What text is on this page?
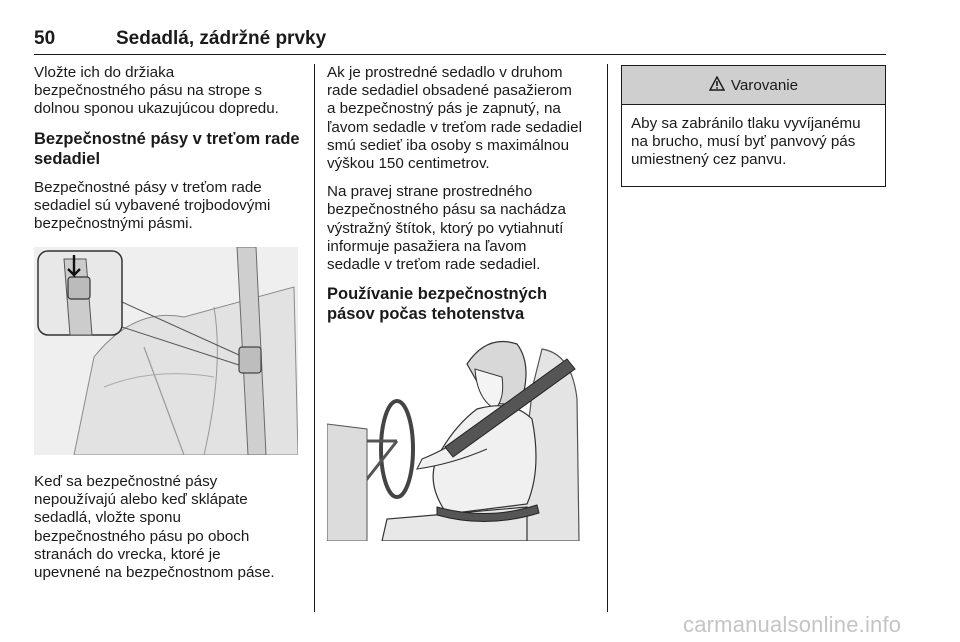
50	Sedadlá, zádržné prvky

Vložte ich do držiaka
bezpečnostného pásu na strope s
dolnou sponou ukazujúcou dopredu.

Bezpečnostné pásy v treťom rade sedadiel

Bezpečnostné pásy v treťom rade
sedadiel sú vybavené trojbodovými
bezpečnostnými pásmi.

Keď sa bezpečnostné pásy
nepoužívajú alebo keď sklápate
sedadlá, vložte sponu
bezpečnostného pásu po oboch
stranách do vrecka, ktoré je
upevnené na bezpečnostnom páse.

Ak je prostredné sedadlo v druhom
rade sedadiel obsadené pasažierom
a bezpečnostný pás je zapnutý, na
ľavom sedadle v treťom rade sedadiel
smú sedieť iba osoby s maximálnou
výškou 150 centimetrov.

Na pravej strane prostredného
bezpečnostného pásu sa nachádza
výstražný štítok, ktorý po vytiahnutí
informuje pasažiera na ľavom
sedadle v treťom rade sedadiel.

Používanie bezpečnostných
pásov počas tehotenstva
Varovanie

Aby sa zabránilo tlaku vyvíjanému
na brucho, musí byť panvový pás
umiestnený cez panvu.

carmanualsonline.info
